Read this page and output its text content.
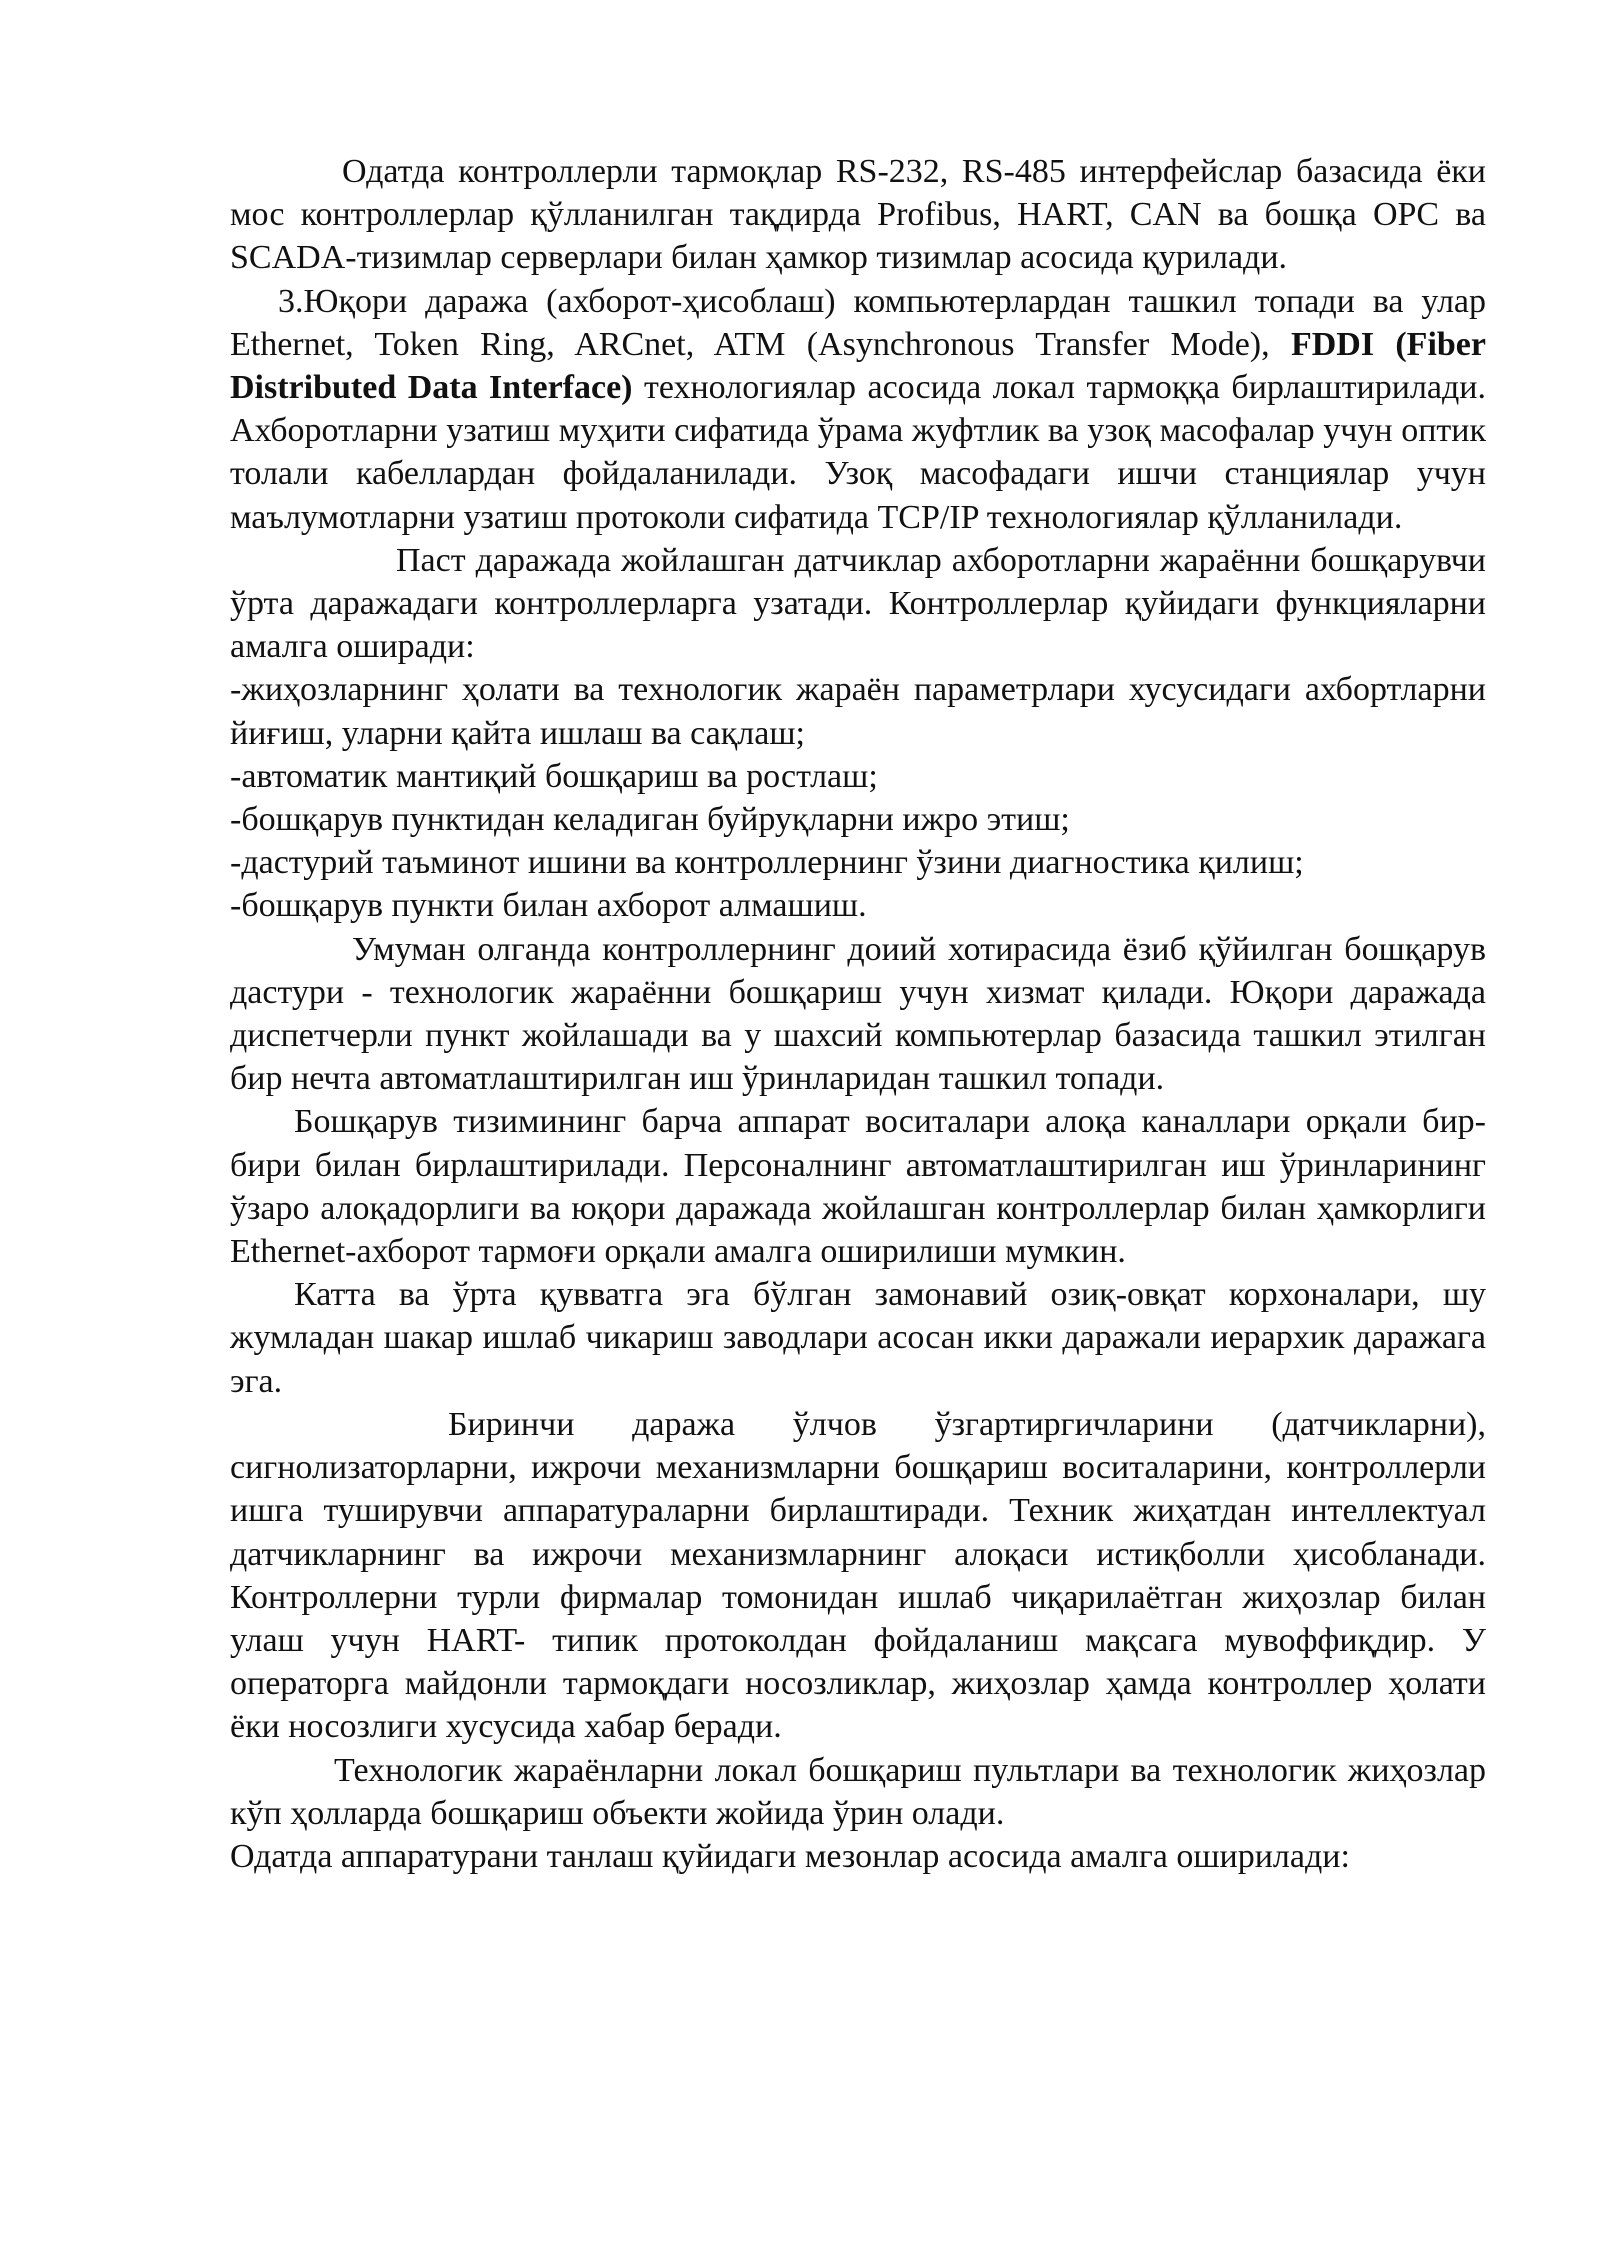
Одатда контроллерли тармоқлар RS-232, RS-485 интерфейслар базасида ёки мос контроллерлар қўлланилган тақдирда Profibus, HART, CAN ва бошқа OPC ва SCADA-тизимлар серверлари билан ҳамкор тизимлар асосида қурилади.

3.Юқори даража (ахборот-ҳисоблаш) компьютерлардан ташкил топади ва улар Ethernet, Token Ring, ARCnet, ATM (Asynchronous Transfer Mode), FDDI (Fiber Distributed Data Interface) технологиялар асосида локал тармоққа бирлаштирилади. Ахборотларни узатиш муҳити сифатида ўрама жуфтлик ва узоқ масофалар учун оптик толали кабеллардан фойдаланилади. Узоқ масофадаги ишчи станциялар учун маълумотларни узатиш протоколи сифатида TCP/IP технологиялар қўлланилади.

Паст даражада жойлашган датчиклар ахборотларни жараённи бошқарувчи ўрта даражадаги контроллерларга узатади. Контроллерлар қуйидаги функцияларни амалга оширади:

-жиҳозларнинг ҳолати ва технологик жараён параметрлари хусусидаги ахбортларни йиғиш, уларни қайта ишлаш ва сақлаш;

-автоматик мантиқий бошқариш ва ростлаш;

-бошқарув пунктидан келадиган буйруқларни ижро этиш;

-дастурий таъминот ишини ва контроллернинг ўзини диагностика қилиш;

-бошқарув пункти билан ахборот алмашиш.

Умуман олганда контроллернинг доиий хотирасида ёзиб қўйилган бошқарув дастури - технологик жараённи бошқариш учун хизмат қилади. Юқори даражада диспетчерли пункт жойлашади ва у шахсий компьютерлар базасида ташкил этилган бир нечта автоматлаштирилган иш ўринларидан ташкил топади.

Бошқарув тизимининг барча аппарат воситалари алоқа каналлари орқали бир-бири билан бирлаштирилади. Персоналнинг автоматлаштирилган иш ўринларининг ўзаро алоқадорлиги ва юқори даражада жойлашган контроллерлар билан ҳамкорлиги Ethernet-ахборот тармоғи орқали амалга оширилиши мумкин.

Катта ва ўрта қувватга эга бўлган замонавий озиқ-овқат корхоналари, шу жумладан шакар ишлаб чикариш заводлари асосан икки даражали иерархик даражага эга.

Биринчи даража ўлчов ўзгартиргичларини (датчикларни), сигнолизаторларни, ижрочи механизмларни бошқариш воситаларини, контроллерли ишга туширувчи аппаратураларни бирлаштиради. Техник жиҳатдан интеллектуал датчикларнинг ва ижрочи механизмларнинг алоқаси истиқболли ҳисобланади. Контроллерни турли фирмалар томонидан ишлаб чиқарилаётган жиҳозлар билан улаш учун HART- типик протоколдан фойдаланиш мақсага мувоффиқдир. У операторга майдонли тармоқдаги носозликлар, жиҳозлар ҳамда контроллер ҳолати ёки носозлиги хусусида хабар беради.

Технологик жараёнларни локал бошқариш пультлари ва технологик жиҳозлар кўп ҳолларда бошқариш объекти жойида ўрин олади.

Одатда аппаратурани танлаш қуйидаги мезонлар асосида амалга оширилади:
